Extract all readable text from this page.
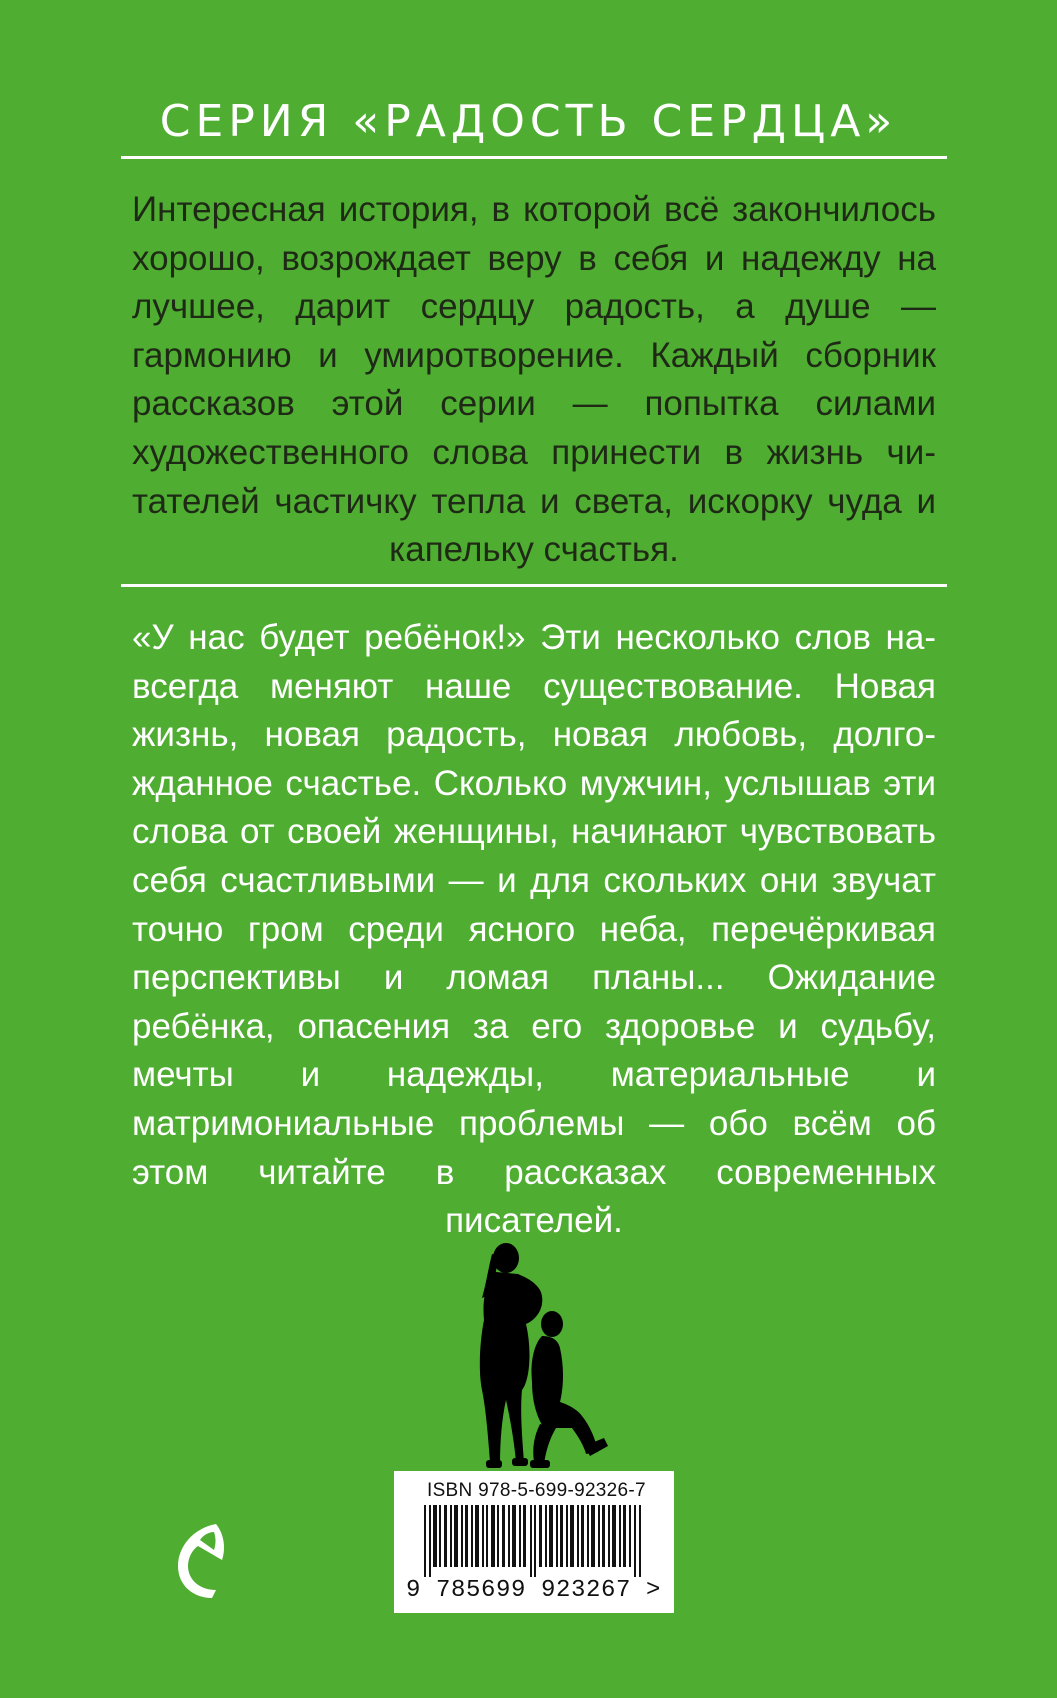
СЕРИЯ «РАДОСТЬ СЕРДЦА»

Интересная история, в которой всё закончилось хорошо, возрождает веру в себя и надежду на лучшее, дарит сердцу радость, а душе — гармонию и умиротворение. Каждый сборник рассказов этой серии — попытка силами художественного слова принести в жизнь читателей частичку тепла и света, искорку чуда и капельку счастья.

«У нас будет ребёнок!» Эти несколько слов навсегда меняют наше существование. Новая жизнь, новая радость, новая любовь, долгожданное счастье. Сколько мужчин, услышав эти слова от своей женщины, начинают чувствовать себя счастливыми — и для скольких они звучат точно гром среди ясного неба, перечёркивая перспективы и ломая планы... Ожидание ребёнка, опасения за его здоровье и судьбу, мечты и надежды, материальные и матримониальные проблемы — обо всём об этом читайте в рассказах современных писателей.

ISBN 978-5-699-92326-7
9 785699 923267 >
